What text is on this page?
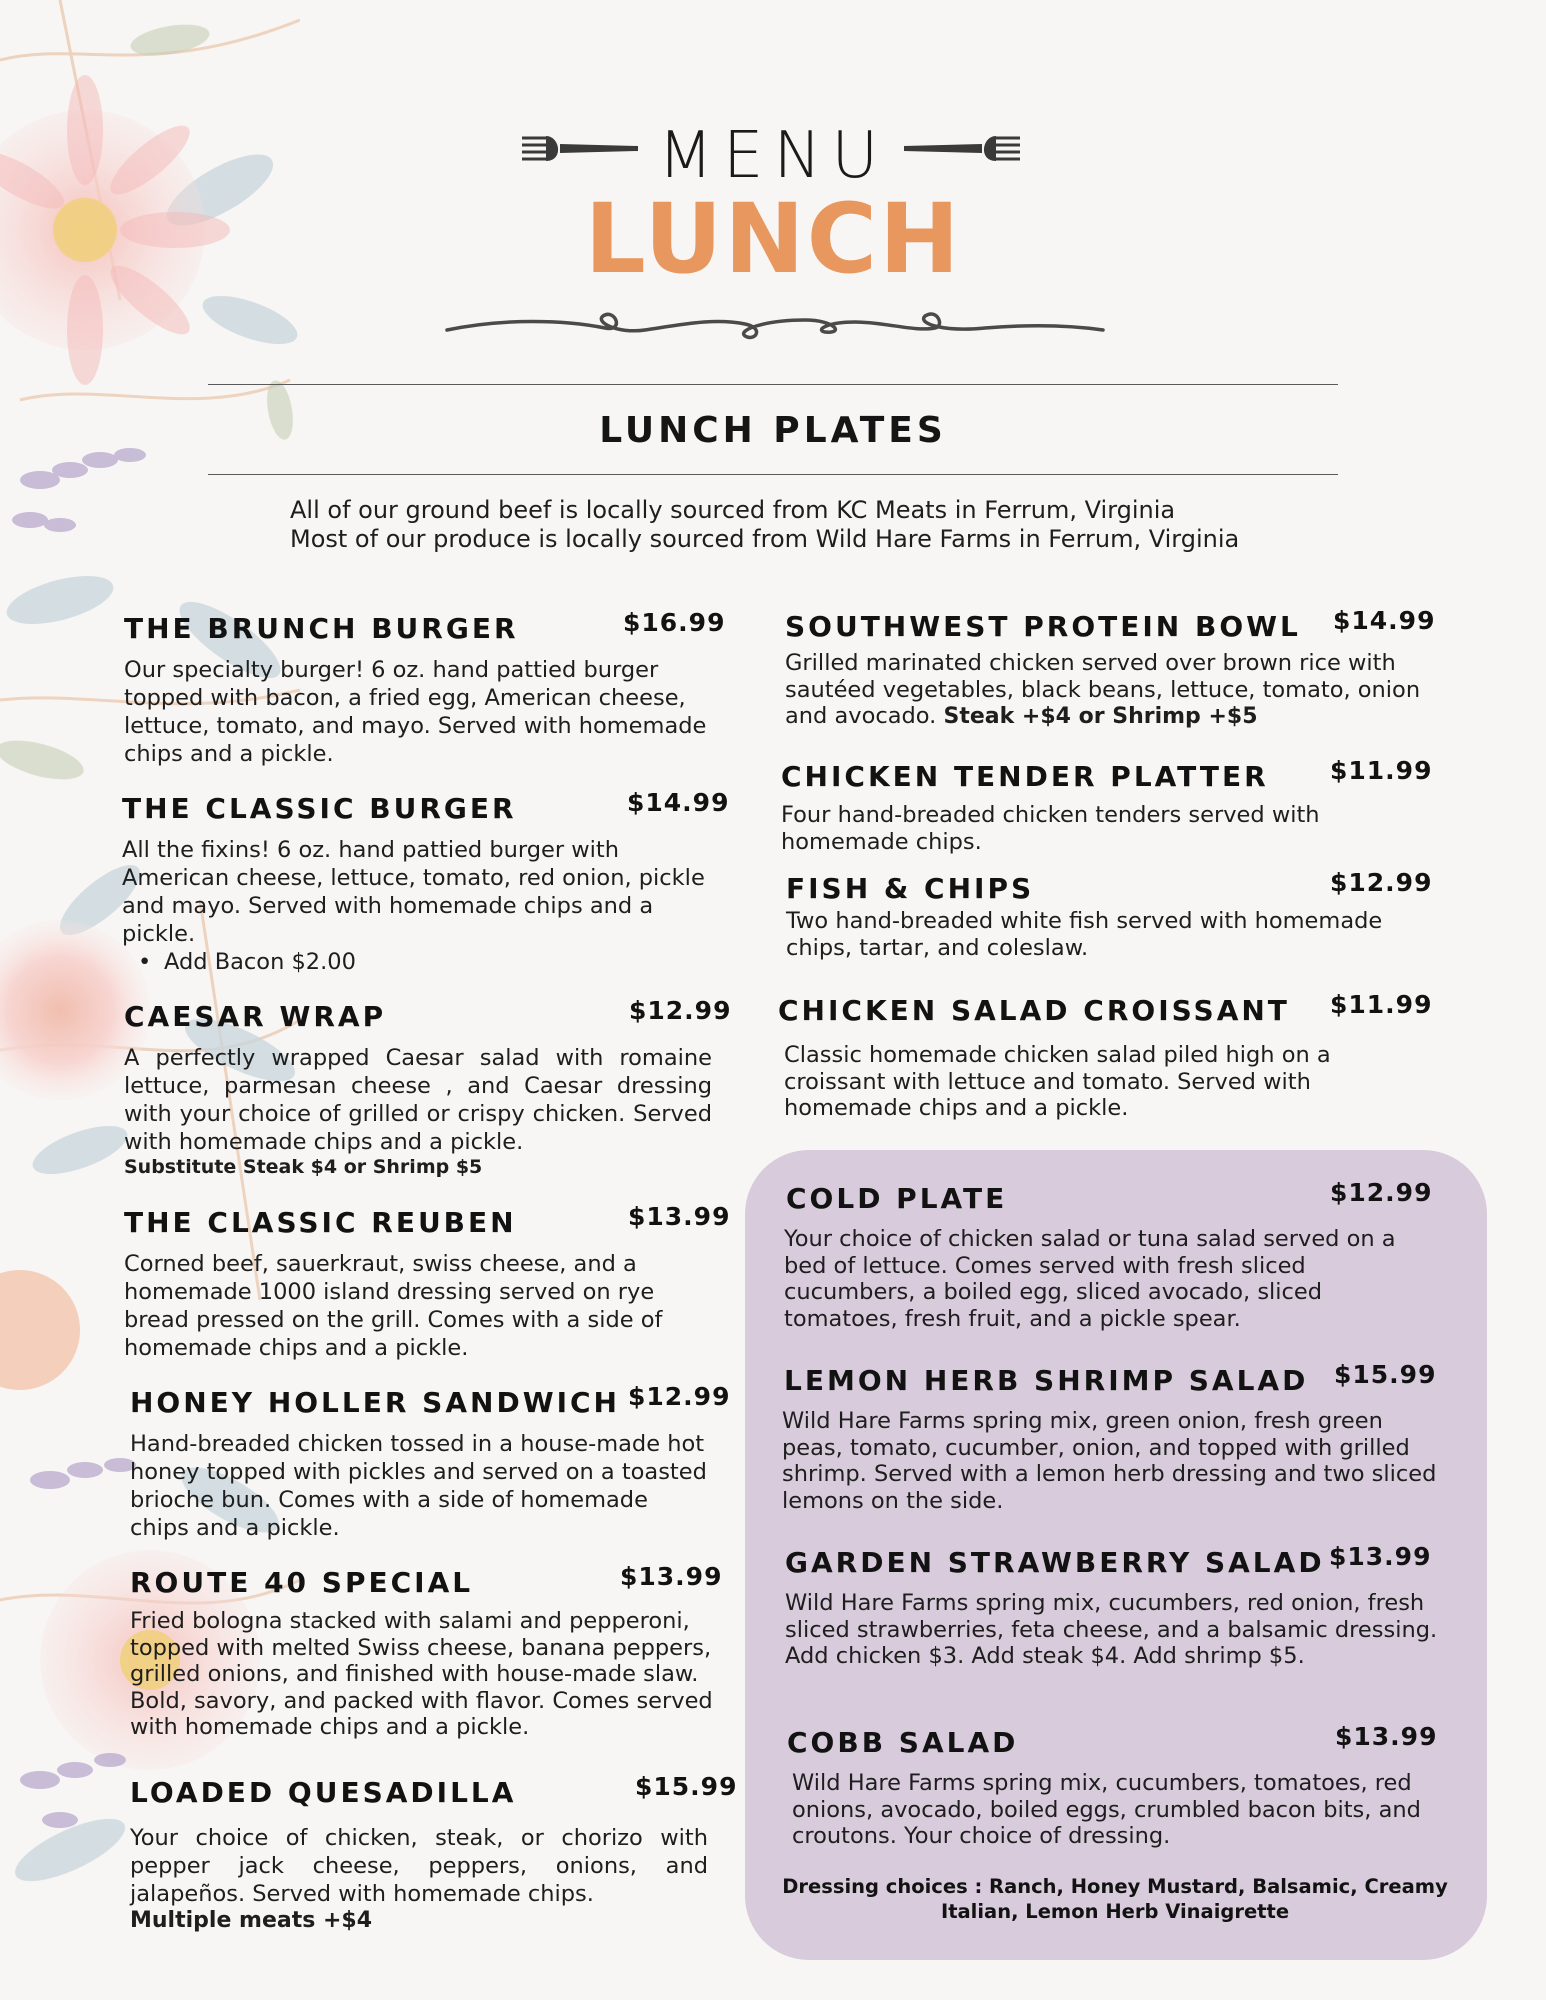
MENU
LUNCH
LUNCH PLATES
All of our ground beef is locally sourced from KC Meats in Ferrum, Virginia
Most of our produce is locally sourced from Wild Hare Farms in Ferrum, Virginia
THE BRUNCH BURGER	$16.99
Our specialty burger! 6 oz. hand pattied burger topped with bacon, a fried egg, American cheese, lettuce, tomato, and mayo. Served with homemade chips and a pickle.
THE CLASSIC BURGER	$14.99
All the fixins! 6 oz. hand pattied burger with American cheese, lettuce, tomato, red onion, pickle and mayo. Served with homemade chips and a pickle.
• Add Bacon $2.00
CAESAR WRAP	$12.99
A perfectly wrapped Caesar salad with romaine lettuce, parmesan cheese , and Caesar dressing with your choice of grilled or crispy chicken. Served with homemade chips and a pickle.
Substitute Steak $4 or Shrimp $5
THE CLASSIC REUBEN	$13.99
Corned beef, sauerkraut, swiss cheese, and a homemade 1000 island dressing served on rye bread pressed on the grill. Comes with a side of homemade chips and a pickle.
HONEY HOLLER SANDWICH $12.99
Hand-breaded chicken tossed in a house-made hot honey topped with pickles and served on a toasted brioche bun. Comes with a side of homemade chips and a pickle.
ROUTE 40 SPECIAL	$13.99
Fried bologna stacked with salami and pepperoni, topped with melted Swiss cheese, banana peppers, grilled onions, and finished with house-made slaw. Bold, savory, and packed with flavor. Comes served with homemade chips and a pickle.
LOADED QUESADILLA	$15.99
Your choice of chicken, steak, or chorizo with pepper jack cheese, peppers, onions, and jalapeños. Served with homemade chips.
Multiple meats +$4
SOUTHWEST PROTEIN BOWL	$14.99
Grilled marinated chicken served over brown rice with sautéed vegetables, black beans, lettuce, tomato, onion and avocado. Steak +$4 or Shrimp +$5
CHICKEN TENDER PLATTER	$11.99
Four hand-breaded chicken tenders served with homemade chips.
FISH & CHIPS	$12.99
Two hand-breaded white fish served with homemade chips, tartar, and coleslaw.
CHICKEN SALAD CROISSANT	$11.99
Classic homemade chicken salad piled high on a croissant with lettuce and tomato. Served with homemade chips and a pickle.
COLD PLATE	$12.99
Your choice of chicken salad or tuna salad served on a bed of lettuce. Comes served with fresh sliced cucumbers, a boiled egg, sliced avocado, sliced tomatoes, fresh fruit, and a pickle spear.
LEMON HERB SHRIMP SALAD	$15.99
Wild Hare Farms spring mix, green onion, fresh green peas, tomato, cucumber, onion, and topped with grilled shrimp. Served with a lemon herb dressing and two sliced lemons on the side.
GARDEN STRAWBERRY SALAD $13.99
Wild Hare Farms spring mix, cucumbers, red onion, fresh sliced strawberries, feta cheese, and a balsamic dressing. Add chicken $3. Add steak $4. Add shrimp $5.
COBB SALAD	$13.99
Wild Hare Farms spring mix, cucumbers, tomatoes, red onions, avocado, boiled eggs, crumbled bacon bits, and croutons. Your choice of dressing.
Dressing choices : Ranch, Honey Mustard, Balsamic, Creamy Italian, Lemon Herb Vinaigrette
